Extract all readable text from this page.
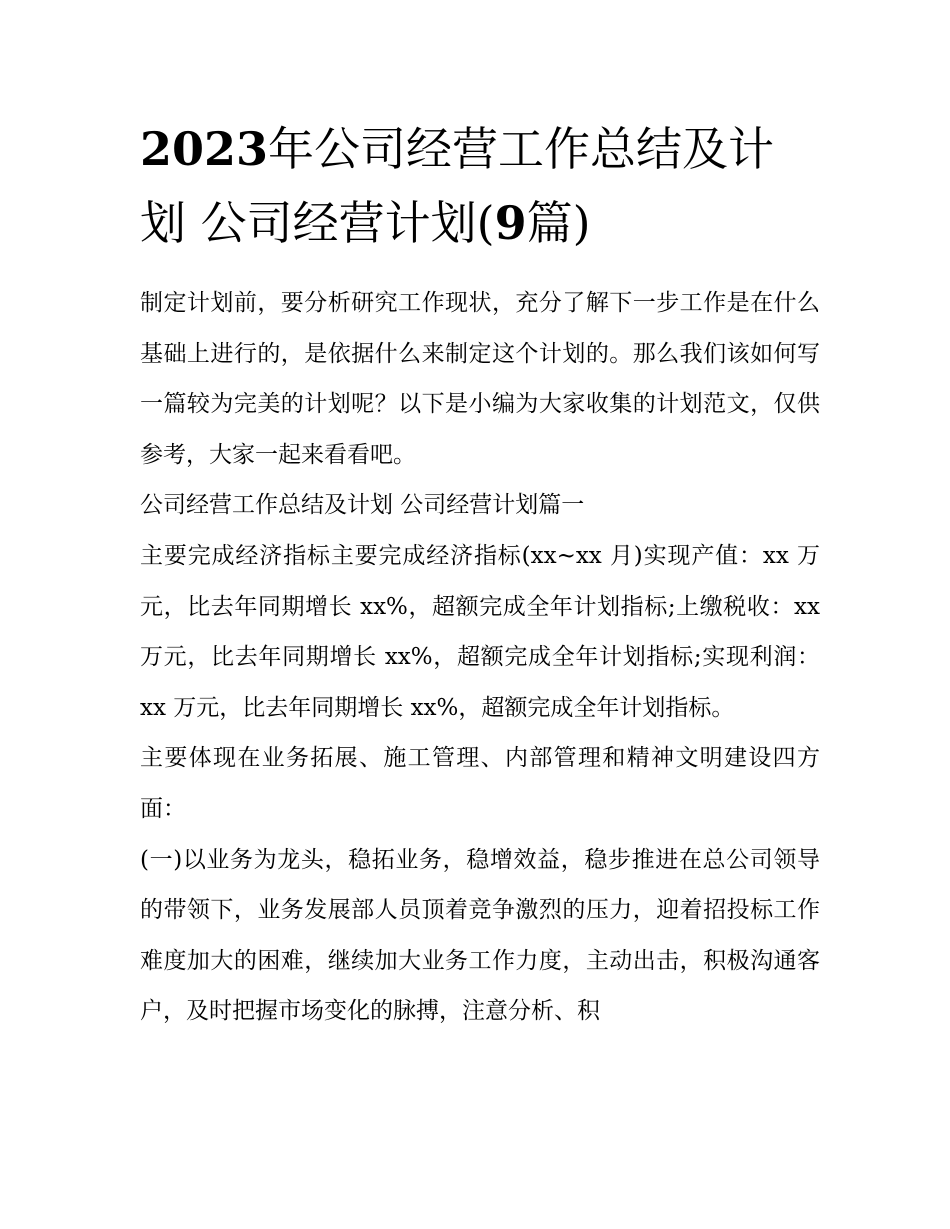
2023年公司经营工作总结及计划 公司经营计划(9篇)

制定计划前，要分析研究工作现状，充分了解下一步工作是在什么基础上进行的，是依据什么来制定这个计划的。那么我们该如何写一篇较为完美的计划呢？以下是小编为大家收集的计划范文，仅供参考，大家一起来看看吧。

公司经营工作总结及计划 公司经营计划篇一

主要完成经济指标主要完成经济指标(xx~xx 月)实现产值：xx 万元，比去年同期增长 xx%，超额完成全年计划指标;上缴税收：xx 万元，比去年同期增长 xx%，超额完成全年计划指标;实现利润：xx 万元，比去年同期增长 xx%，超额完成全年计划指标。

主要体现在业务拓展、施工管理、内部管理和精神文明建设四方面：

(一)以业务为龙头，稳拓业务，稳增效益，稳步推进在总公司领导的带领下，业务发展部人员顶着竞争激烈的压力，迎着招投标工作难度加大的困难，继续加大业务工作力度，主动出击，积极沟通客户，及时把握市场变化的脉搏，注意分析、积
